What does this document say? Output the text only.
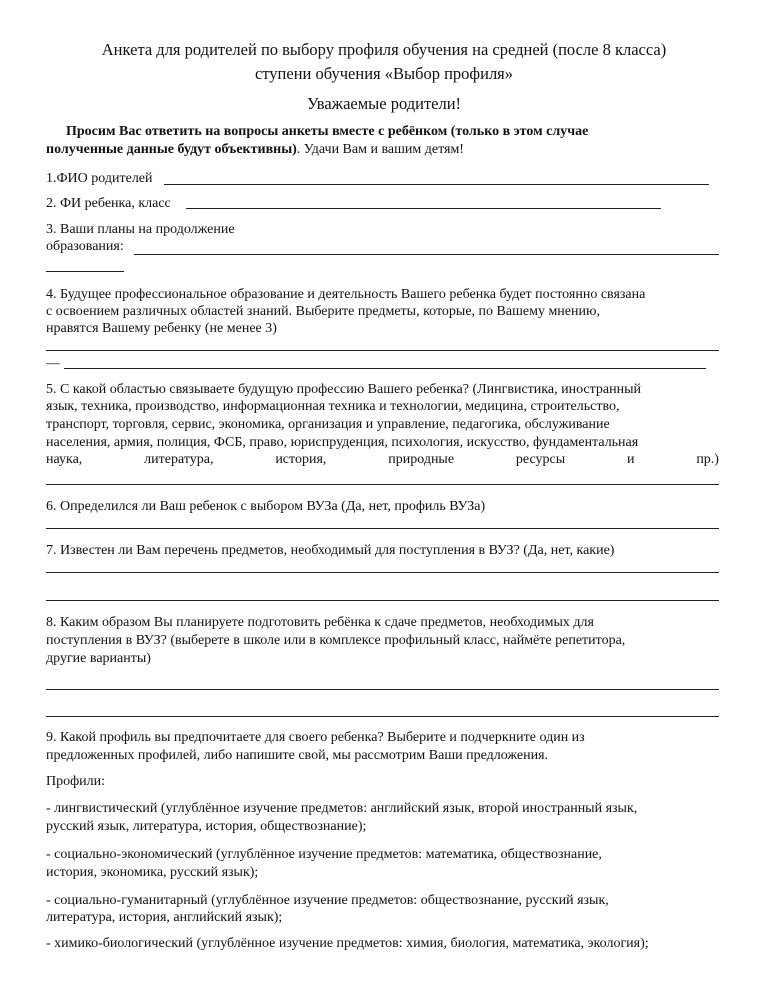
Анкета для родителей по выбору профиля обучения на средней (после 8 класса)
ступени обучения «Выбор профиля»
Уважаемые родители!
Просим Вас ответить на вопросы анкеты вместе с ребёнком (только в этом случае
полученные данные будут объективны). Удачи Вам и вашим детям!
1.ФИО родителей
2. ФИ ребенка, класс
3. Ваши планы на продолжение
образования:
4. Будущее профессиональное образование и деятельность Вашего ребенка будет постоянно связана
с освоением различных областей знаний. Выберите предметы, которые, по Вашему мнению,
нравятся Вашему ребенку (не менее 3)
—
5. С какой областью связываете будущую профессию Вашего ребенка? (Лингвистика, иностранный
язык, техника, производство, информационная техника и технологии, медицина, строительство,
транспорт, торговля, сервис, экономика, организация и управление, педагогика, обслуживание
населения, армия, полиция, ФСБ, право, юриспруденция, психология, искусство, фундаментальная
наука,	литература,	история,	природные	ресурсы	и	пр.)
6. Определился ли Ваш ребенок с выбором ВУЗа (Да, нет, профиль ВУЗа)
7. Известен ли Вам перечень предметов, необходимый для поступления в ВУЗ? (Да, нет, какие)
8. Каким образом Вы планируете подготовить ребёнка к сдаче предметов, необходимых для
поступления в ВУЗ? (выберете в школе или в комплексе профильный класс, наймёте репетитора,
другие варианты)
9. Какой профиль вы предпочитаете для своего ребенка? Выберите и подчеркните один из
предложенных профилей, либо напишите свой, мы рассмотрим Ваши предложения.
Профили:
- лингвистический (углублённое изучение предметов: английский язык, второй иностранный язык,
русский язык, литература, история, обществознание);
- социально-экономический (углублённое изучение предметов: математика, обществознание,
история, экономика, русский язык);
- социально-гуманитарный (углублённое изучение предметов: обществознание, русский язык,
литература, история, английский язык);
- химико-биологический (углублённое изучение предметов: химия, биология, математика, экология);
